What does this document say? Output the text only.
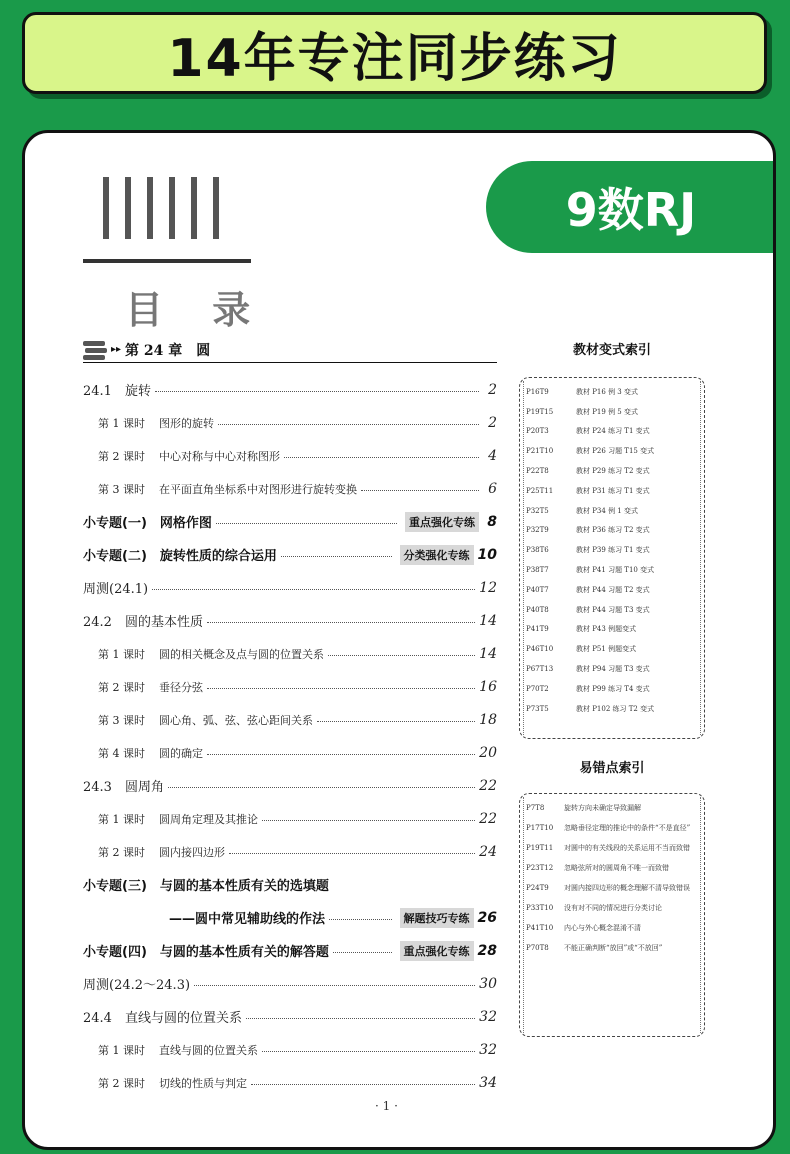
14年专注同步练习
9数RJ
目 录
▸▸ 第 24 章　圆
24.1　旋转	2
第 1 课时 图形的旋转	2
第 2 课时 中心对称与中心对称图形	4
第 3 课时 在平面直角坐标系中对图形进行旋转变换	6
小专题(一)　网格作图	重点强化专练 8
小专题(二)　旋转性质的综合运用	分类强化专练 10
周测(24.1)	12
24.2　圆的基本性质	14
第 1 课时 圆的相关概念及点与圆的位置关系	14
第 2 课时 垂径分弦	16
第 3 课时 圆心角、弧、弦、弦心距间关系	18
第 4 课时 圆的确定	20
24.3　圆周角	22
第 1 课时 圆周角定理及其推论	22
第 2 课时 圆内接四边形	24
小专题(三)　与圆的基本性质有关的选填题
——圆中常见辅助线的作法	解题技巧专练 26
小专题(四)　与圆的基本性质有关的解答题	重点强化专练 28
周测(24.2～24.3)	30
24.4　直线与圆的位置关系	32
第 1 课时 直线与圆的位置关系	32
第 2 课时 切线的性质与判定	34
· 1 ·
教材变式索引
P16T9	教材 P16 例 3 变式
P19T15	教材 P19 例 5 变式
P20T3	教材 P24 练习 T1 变式
P21T10	教材 P26 习题 T15 变式
P22T8	教材 P29 练习 T2 变式
P25T11	教材 P31 练习 T1 变式
P32T5	教材 P34 例 1 变式
P32T9	教材 P36 练习 T2 变式
P38T6	教材 P39 练习 T1 变式
P38T7	教材 P41 习题 T10 变式
P40T7	教材 P44 习题 T2 变式
P40T8	教材 P44 习题 T3 变式
P41T9	教材 P43 例题变式
P46T10	教材 P51 例题变式
P67T13	教材 P94 习题 T3 变式
P70T2	教材 P99 练习 T4 变式
P73T5	教材 P102 练习 T2 变式
易错点索引
P7T8	旋转方向未确定导致漏解
P17T10	忽略垂径定理的推论中的条件“不是直径”
P19T11	对圆中的有关线段的关系运用不当而致错
P23T12	忽略弦所对的圆周角不唯一而致错
P24T9	对圆内接四边形的概念理解不清导致错误
P33T10	没有对不同的情况进行分类讨论
P41T10	内心与外心概念混淆不清
P70T8	不能正确判断“放回”或“不放回”
